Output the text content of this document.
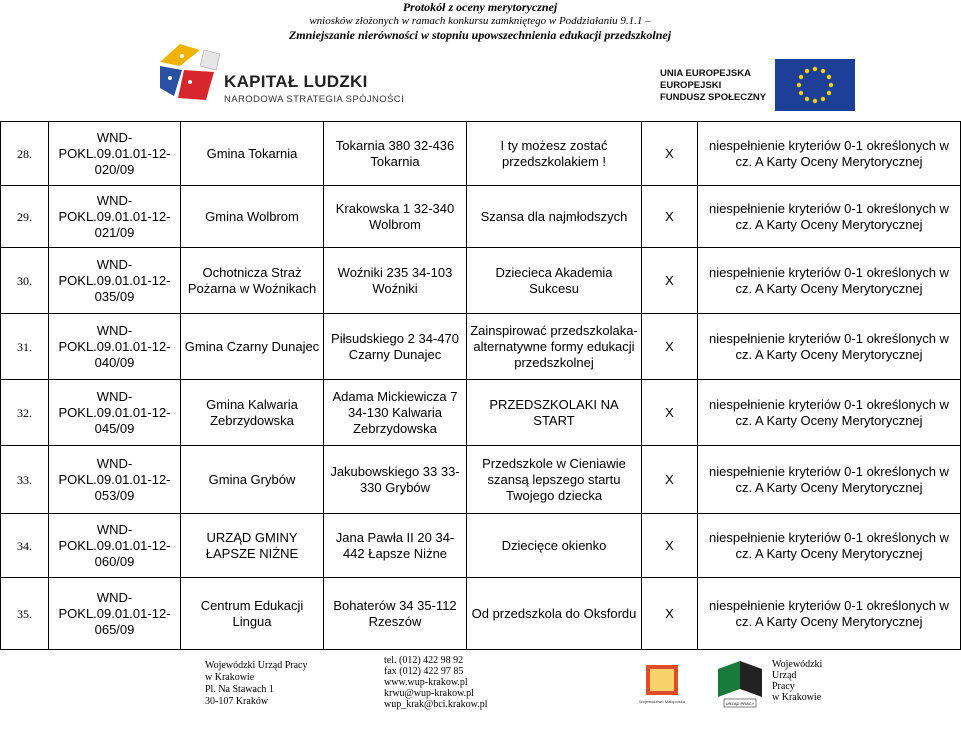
Protokół z oceny merytorycznej
wniosków złożonych w ramach konkursu zamkniętego w Poddziałaniu 9.1.1 –
Zmniejszanie nierówności w stopniu upowszechnienia edukacji przedszkolnej
KAPITAŁ LUDZKI
NARODOWA STRATEGIA SPÓJNOŚCI
UNIA EUROPEJSKA
EUROPEJSKI
FUNDUSZ SPOŁECZNY
28.	WND-POKL.09.01.01-12-020/09	Gmina Tokarnia	Tokarnia 380 32-436 Tokarnia	I ty możesz zostać przedszkolakiem !	X	niespełnienie kryteriów 0-1 określonych w cz. A Karty Oceny Merytorycznej
29.	WND-POKL.09.01.01-12-021/09	Gmina Wolbrom	Krakowska 1 32-340 Wolbrom	Szansa dla najmłodszych	X	niespełnienie kryteriów 0-1 określonych w cz. A Karty Oceny Merytorycznej
30.	WND-POKL.09.01.01-12-035/09	Ochotnicza Straż Pożarna w Woźnikach	Woźniki 235 34-103 Woźniki	Dziecieca Akademia Sukcesu	X	niespełnienie kryteriów 0-1 określonych w cz. A Karty Oceny Merytorycznej
31.	WND-POKL.09.01.01-12-040/09	Gmina Czarny Dunajec	Piłsudskiego 2 34-470 Czarny Dunajec	Zainspirować przedszkolaka-alternatywne formy edukacji przedszkolnej	X	niespełnienie kryteriów 0-1 określonych w cz. A Karty Oceny Merytorycznej
32.	WND-POKL.09.01.01-12-045/09	Gmina Kalwaria Zebrzydowska	Adama Mickiewicza 7 34-130 Kalwaria Zebrzydowska	PRZEDSZKOLAKI NA START	X	niespełnienie kryteriów 0-1 określonych w cz. A Karty Oceny Merytorycznej
33.	WND-POKL.09.01.01-12-053/09	Gmina Grybów	Jakubowskiego 33 33-330 Grybów	Przedszkole w Cieniawie szansą lepszego startu Twojego dziecka	X	niespełnienie kryteriów 0-1 określonych w cz. A Karty Oceny Merytorycznej
34.	WND-POKL.09.01.01-12-060/09	URZĄD GMINY ŁAPSZE NIŻNE	Jana Pawła II 20 34-442 Łapsze Niżne	Dziecięce okienko	X	niespełnienie kryteriów 0-1 określonych w cz. A Karty Oceny Merytorycznej
35.	WND-POKL.09.01.01-12-065/09	Centrum Edukacji Lingua	Bohaterów 34 35-112 Rzeszów	Od przedszkola do Oksfordu	X	niespełnienie kryteriów 0-1 określonych w cz. A Karty Oceny Merytorycznej
Wojewódzki Urząd Pracy
w Krakowie
Pl. Na Stawach 1
30-107 Kraków
tel. (012) 422 98 92
fax (012) 422 97 85
www.wup-krakow.pl
krwu@wup-krakow.pl
wup_krak@bci.krakow.pl	Województwo Małopolska	URZĄD PRACY
Wojewódzki
Urząd
Pracy
w Krakowie
